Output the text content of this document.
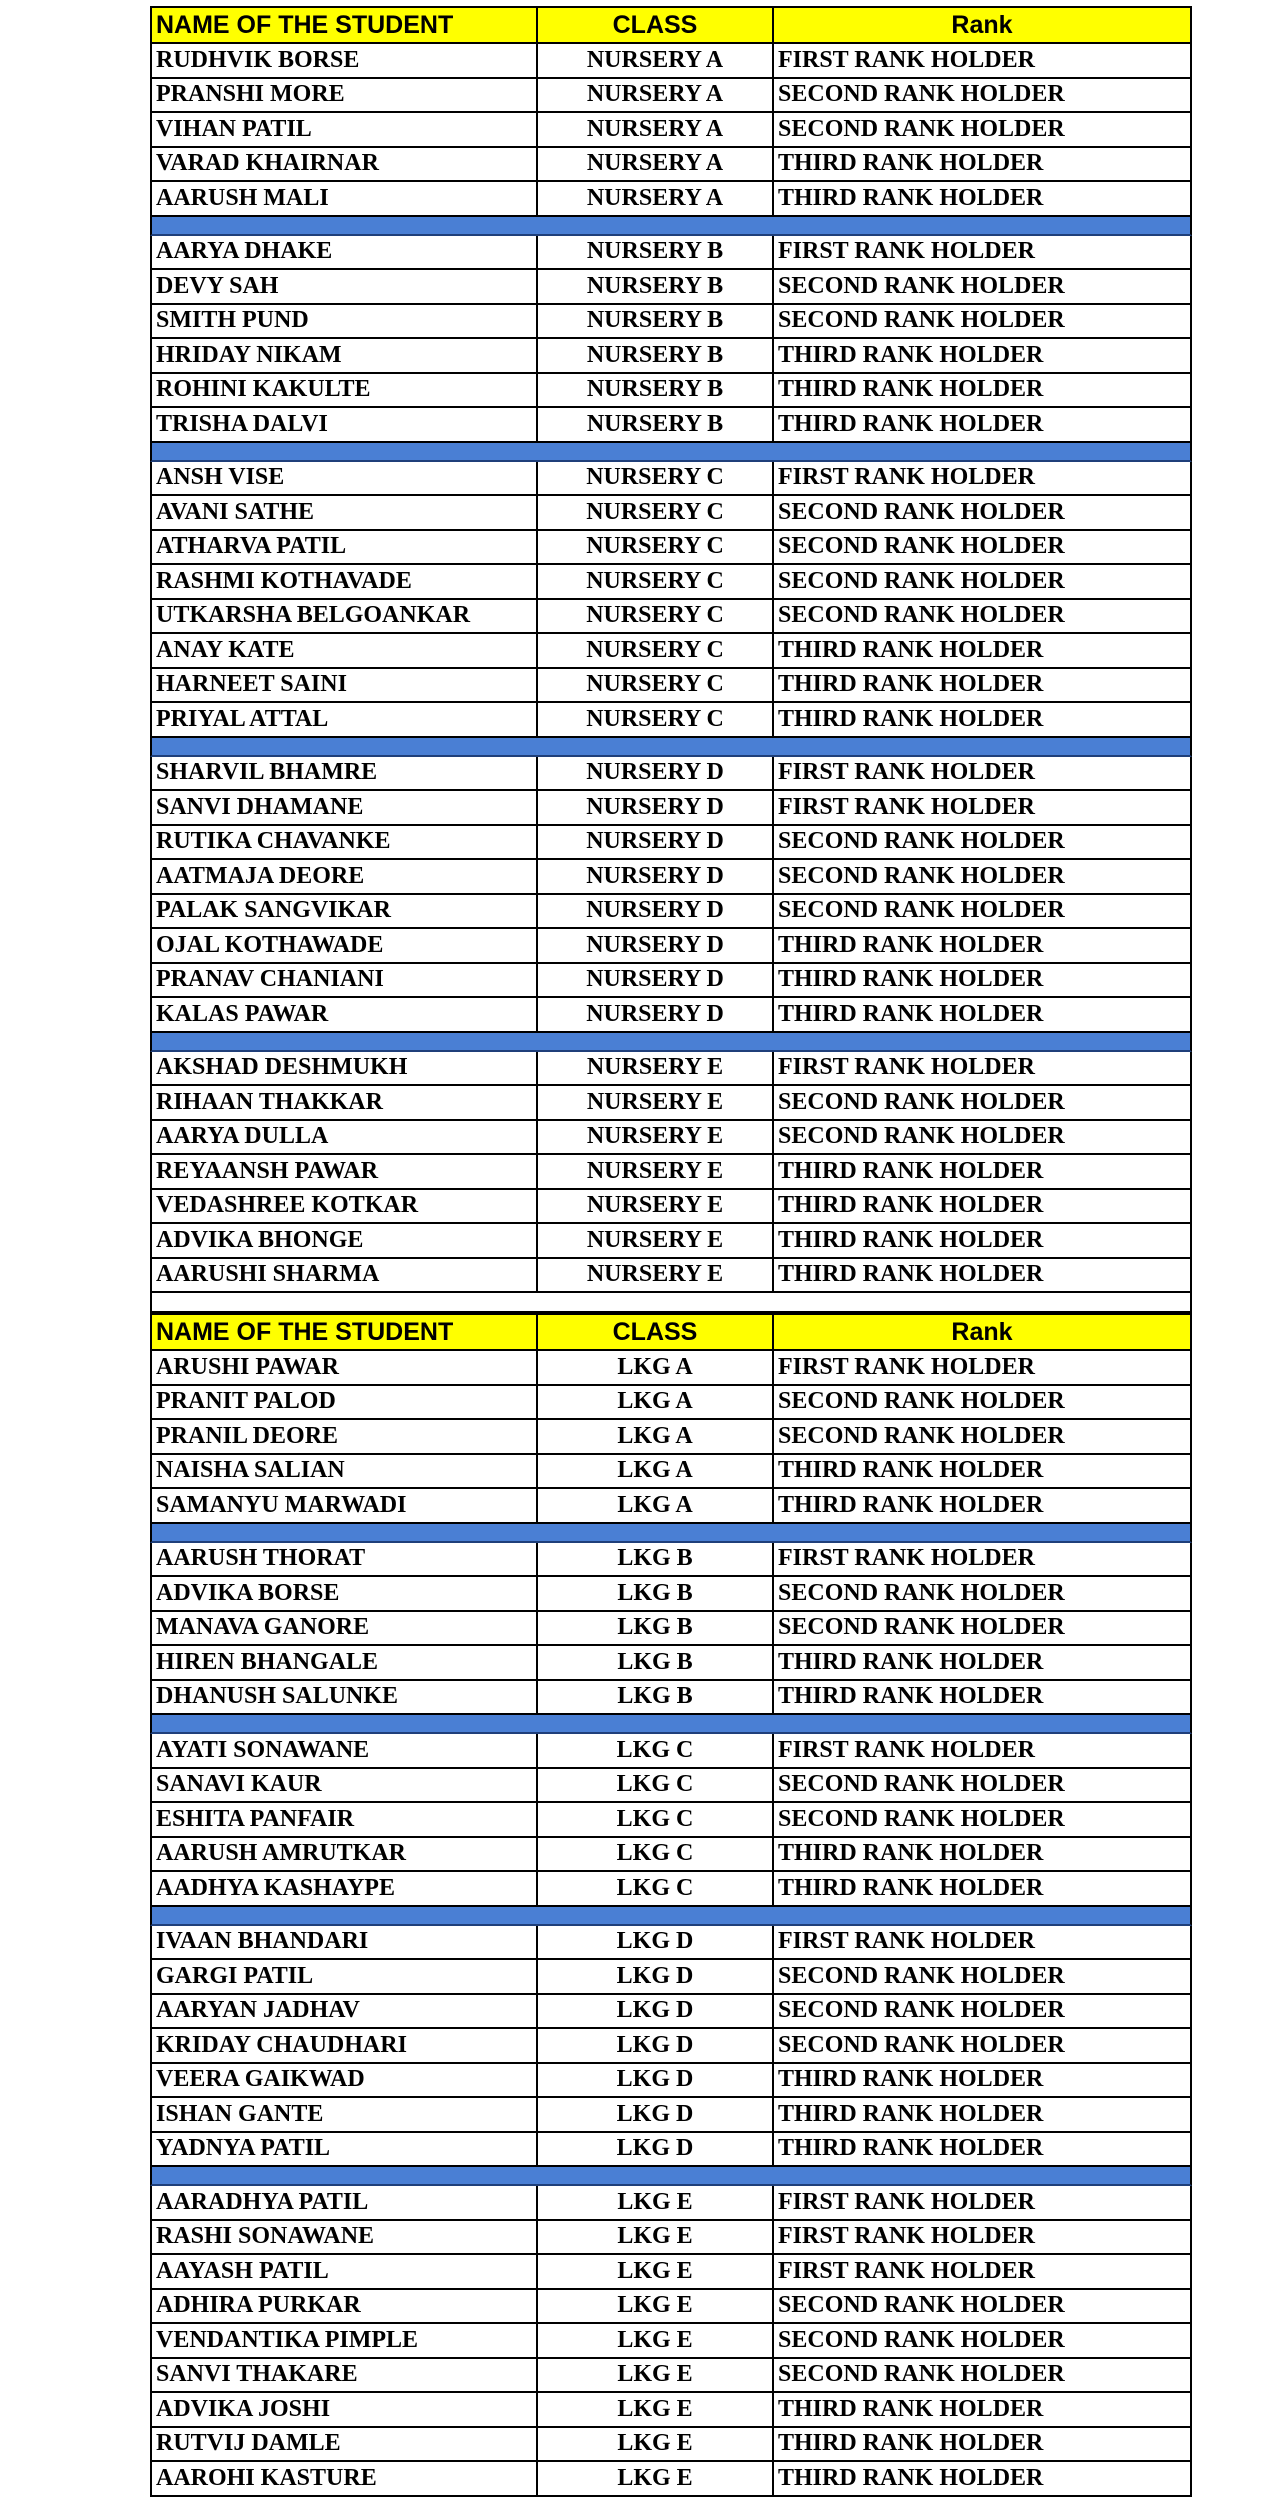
NAME OF THE STUDENT	CLASS	Rank
RUDHVIK BORSE	NURSERY A	FIRST RANK HOLDER
PRANSHI MORE	NURSERY A	SECOND RANK HOLDER
VIHAN PATIL	NURSERY A	SECOND RANK HOLDER
VARAD KHAIRNAR	NURSERY A	THIRD RANK HOLDER
AARUSH MALI	NURSERY A	THIRD RANK HOLDER
AARYA DHAKE	NURSERY B	FIRST RANK HOLDER
DEVY SAH	NURSERY B	SECOND RANK HOLDER
SMITH PUND	NURSERY B	SECOND RANK HOLDER
HRIDAY NIKAM	NURSERY B	THIRD RANK HOLDER
ROHINI KAKULTE	NURSERY B	THIRD RANK HOLDER
TRISHA DALVI	NURSERY B	THIRD RANK HOLDER
ANSH VISE	NURSERY C	FIRST RANK HOLDER
AVANI SATHE	NURSERY C	SECOND RANK HOLDER
ATHARVA PATIL	NURSERY C	SECOND RANK HOLDER
RASHMI KOTHAVADE	NURSERY C	SECOND RANK HOLDER
UTKARSHA BELGOANKAR	NURSERY C	SECOND RANK HOLDER
ANAY KATE	NURSERY C	THIRD RANK HOLDER
HARNEET SAINI	NURSERY C	THIRD RANK HOLDER
PRIYAL ATTAL	NURSERY C	THIRD RANK HOLDER
SHARVIL BHAMRE	NURSERY D	FIRST RANK HOLDER
SANVI DHAMANE	NURSERY D	FIRST RANK HOLDER
RUTIKA CHAVANKE	NURSERY D	SECOND RANK HOLDER
AATMAJA DEORE	NURSERY D	SECOND RANK HOLDER
PALAK SANGVIKAR	NURSERY D	SECOND RANK HOLDER
OJAL KOTHAWADE	NURSERY D	THIRD RANK HOLDER
PRANAV CHANIANI	NURSERY D	THIRD RANK HOLDER
KALAS PAWAR	NURSERY D	THIRD RANK HOLDER
AKSHAD DESHMUKH	NURSERY E	FIRST RANK HOLDER
RIHAAN THAKKAR	NURSERY E	SECOND RANK HOLDER
AARYA DULLA	NURSERY E	SECOND RANK HOLDER
REYAANSH PAWAR	NURSERY E	THIRD RANK HOLDER
VEDASHREE KOTKAR	NURSERY E	THIRD RANK HOLDER
ADVIKA BHONGE	NURSERY E	THIRD RANK HOLDER
AARUSHI SHARMA	NURSERY E	THIRD RANK HOLDER
NAME OF THE STUDENT	CLASS	Rank
ARUSHI PAWAR	LKG A	FIRST RANK HOLDER
PRANIT PALOD	LKG A	SECOND RANK HOLDER
PRANIL DEORE	LKG A	SECOND RANK HOLDER
NAISHA SALIAN	LKG A	THIRD RANK HOLDER
SAMANYU MARWADI	LKG A	THIRD RANK HOLDER
AARUSH THORAT	LKG B	FIRST RANK HOLDER
ADVIKA BORSE	LKG B	SECOND RANK HOLDER
MANAVA GANORE	LKG B	SECOND RANK HOLDER
HIREN BHANGALE	LKG B	THIRD RANK HOLDER
DHANUSH SALUNKE	LKG B	THIRD RANK HOLDER
AYATI SONAWANE	LKG C	FIRST RANK HOLDER
SANAVI KAUR	LKG C	SECOND RANK HOLDER
ESHITA PANFAIR	LKG C	SECOND RANK HOLDER
AARUSH AMRUTKAR	LKG C	THIRD RANK HOLDER
AADHYA KASHAYPE	LKG C	THIRD RANK HOLDER
IVAAN BHANDARI	LKG D	FIRST RANK HOLDER
GARGI PATIL	LKG D	SECOND RANK HOLDER
AARYAN JADHAV	LKG D	SECOND RANK HOLDER
KRIDAY CHAUDHARI	LKG D	SECOND RANK HOLDER
VEERA GAIKWAD	LKG D	THIRD RANK HOLDER
ISHAN GANTE	LKG D	THIRD RANK HOLDER
YADNYA PATIL	LKG D	THIRD RANK HOLDER
AARADHYA PATIL	LKG E	FIRST RANK HOLDER
RASHI SONAWANE	LKG E	FIRST RANK HOLDER
AAYASH PATIL	LKG E	FIRST RANK HOLDER
ADHIRA PURKAR	LKG E	SECOND RANK HOLDER
VENDANTIKA PIMPLE	LKG E	SECOND RANK HOLDER
SANVI THAKARE	LKG E	SECOND RANK HOLDER
ADVIKA JOSHI	LKG E	THIRD RANK HOLDER
RUTVIJ DAMLE	LKG E	THIRD RANK HOLDER
AAROHI KASTURE	LKG E	THIRD RANK HOLDER
